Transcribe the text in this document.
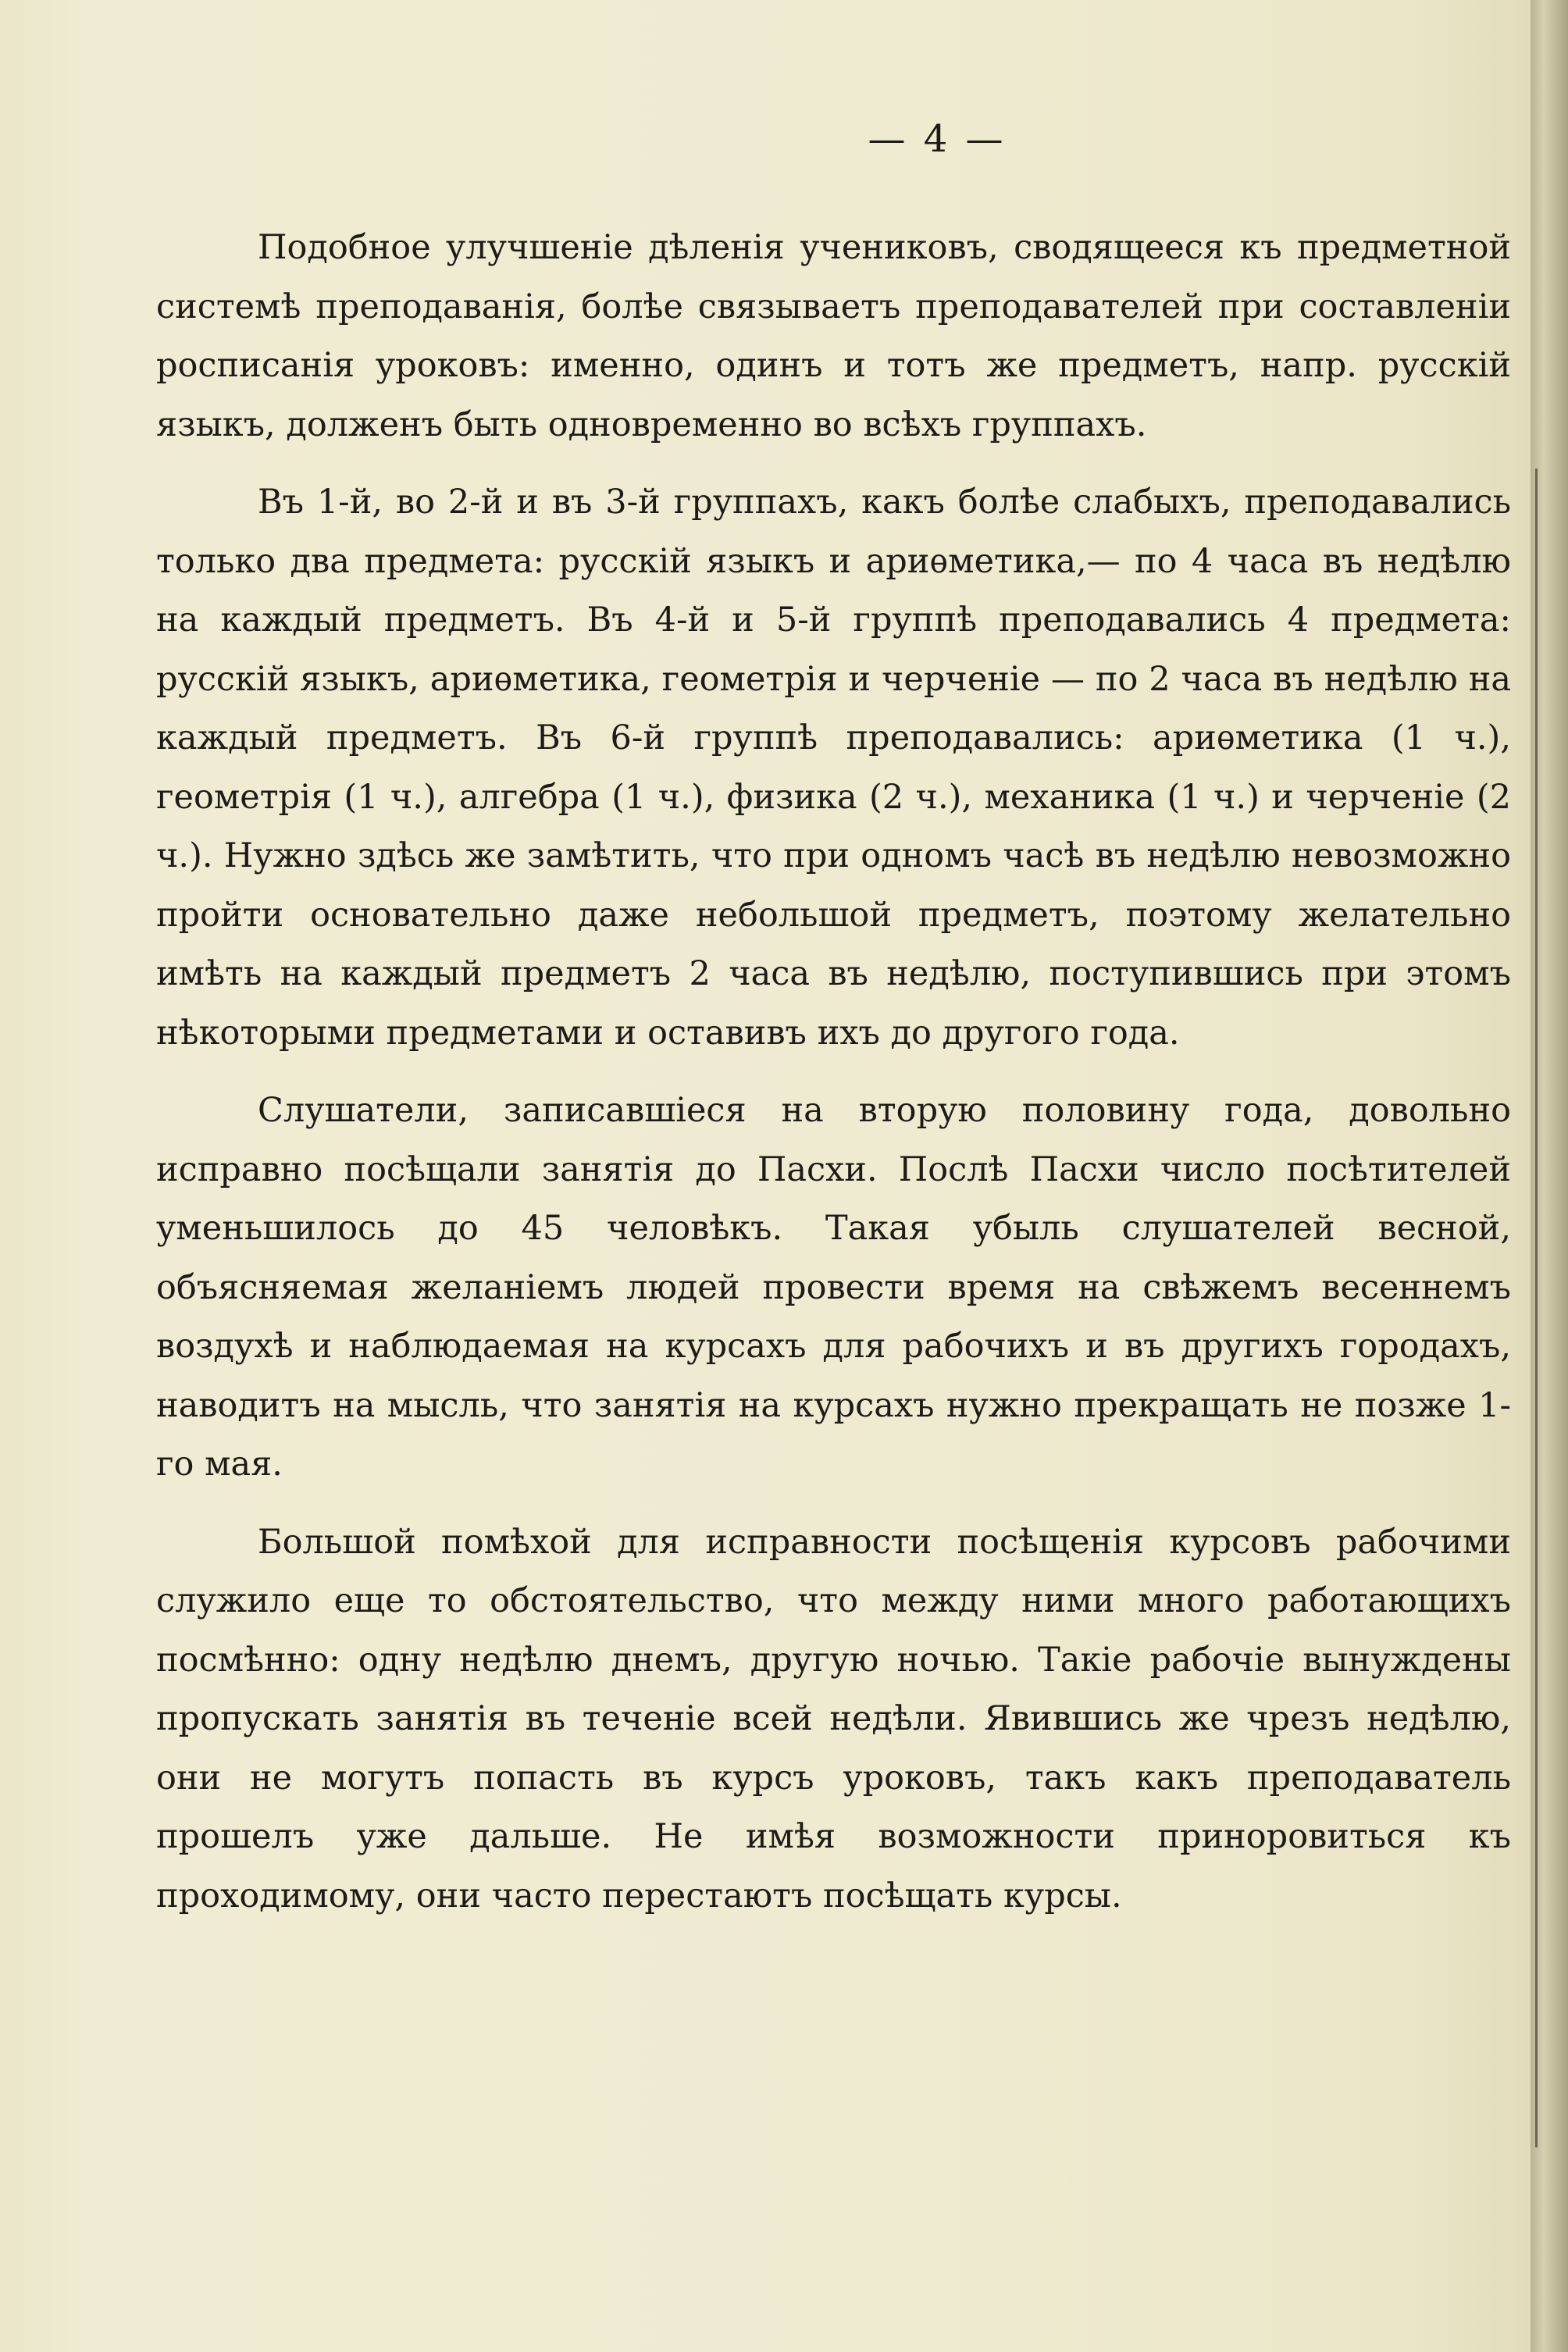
— 4 —

Подобное улучшеніе дѣленія учениковъ, сводящееся къ предметной системѣ преподаванія, болѣе связываетъ преподавателей при составленіи росписанія уроковъ: именно, одинъ и тотъ же предметъ, напр. русскій языкъ, долженъ быть одновременно во всѣхъ группахъ.

Въ 1-й, во 2-й и въ 3-й группахъ, какъ болѣе слабыхъ, преподавались только два предмета: русскій языкъ и ариѳметика,— по 4 часа въ недѣлю на каждый предметъ. Въ 4-й и 5-й группѣ преподавались 4 предмета: русскій языкъ, ариѳметика, геометрія и черченіе — по 2 часа въ недѣлю на каждый предметъ. Въ 6-й группѣ преподавались: ариѳметика (1 ч.), геометрія (1 ч.), алгебра (1 ч.), физика (2 ч.), механика (1 ч.) и черченіе (2 ч.). Нужно здѣсь же замѣтить, что при одномъ часѣ въ недѣлю невозможно пройти основательно даже небольшой предметъ, поэтому желательно имѣть на каждый предметъ 2 часа въ недѣлю, поступившись при этомъ нѣкоторыми предметами и оставивъ ихъ до другого года.

Слушатели, записавшіеся на вторую половину года, довольно исправно посѣщали занятія до Пасхи. Послѣ Пасхи число посѣтителей уменьшилось до 45 человѣкъ. Такая убыль слушателей весной, объясняемая желаніемъ людей провести время на свѣжемъ весеннемъ воздухѣ и наблюдаемая на курсахъ для рабочихъ и въ другихъ городахъ, наводитъ на мысль, что занятія на курсахъ нужно прекращать не позже 1-го мая.

Большой помѣхой для исправности посѣщенія курсовъ рабочими служило еще то обстоятельство, что между ними много работающихъ посмѣнно: одну недѣлю днемъ, другую ночью. Такіе рабочіе вынуждены пропускать занятія въ теченіе всей недѣли. Явившись же чрезъ недѣлю, они не могутъ попасть въ курсъ уроковъ, такъ какъ преподаватель прошелъ уже дальше. Не имѣя возможности приноровиться къ проходимому, они часто перестаютъ посѣщать курсы.
